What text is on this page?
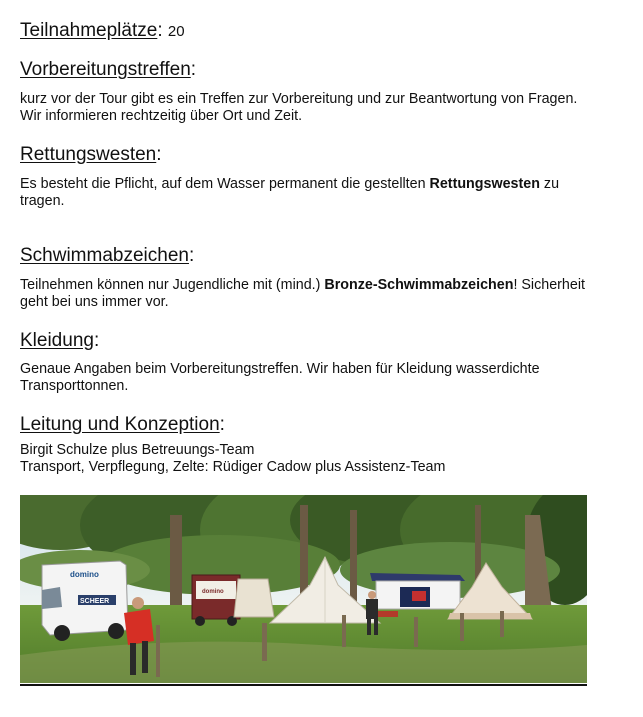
Teilnahmeplätze: 20

Vorbereitungstreffen:

kurz vor der Tour gibt es ein Treffen zur Vorbereitung und zur Beantwortung von Fragen. Wir informieren rechtzeitig über Ort und Zeit.

Rettungswesten:

Es besteht die Pflicht, auf dem Wasser permanent die gestellten Rettungswesten zu tragen.

Schwimmabzeichen:

Teilnehmen können nur Jugendliche mit (mind.) Bronze-Schwimmabzeichen! Sicherheit geht bei uns immer vor.

Kleidung:

Genaue Angaben beim Vorbereitungstreffen. Wir haben für Kleidung wasserdichte Transporttonnen.

Leitung und Konzeption:

Birgit Schulze plus Betreuungs-Team

Transport, Verpflegung, Zelte: Rüdiger Cadow plus Assistenz-Team

domino
SCHEER
domino
